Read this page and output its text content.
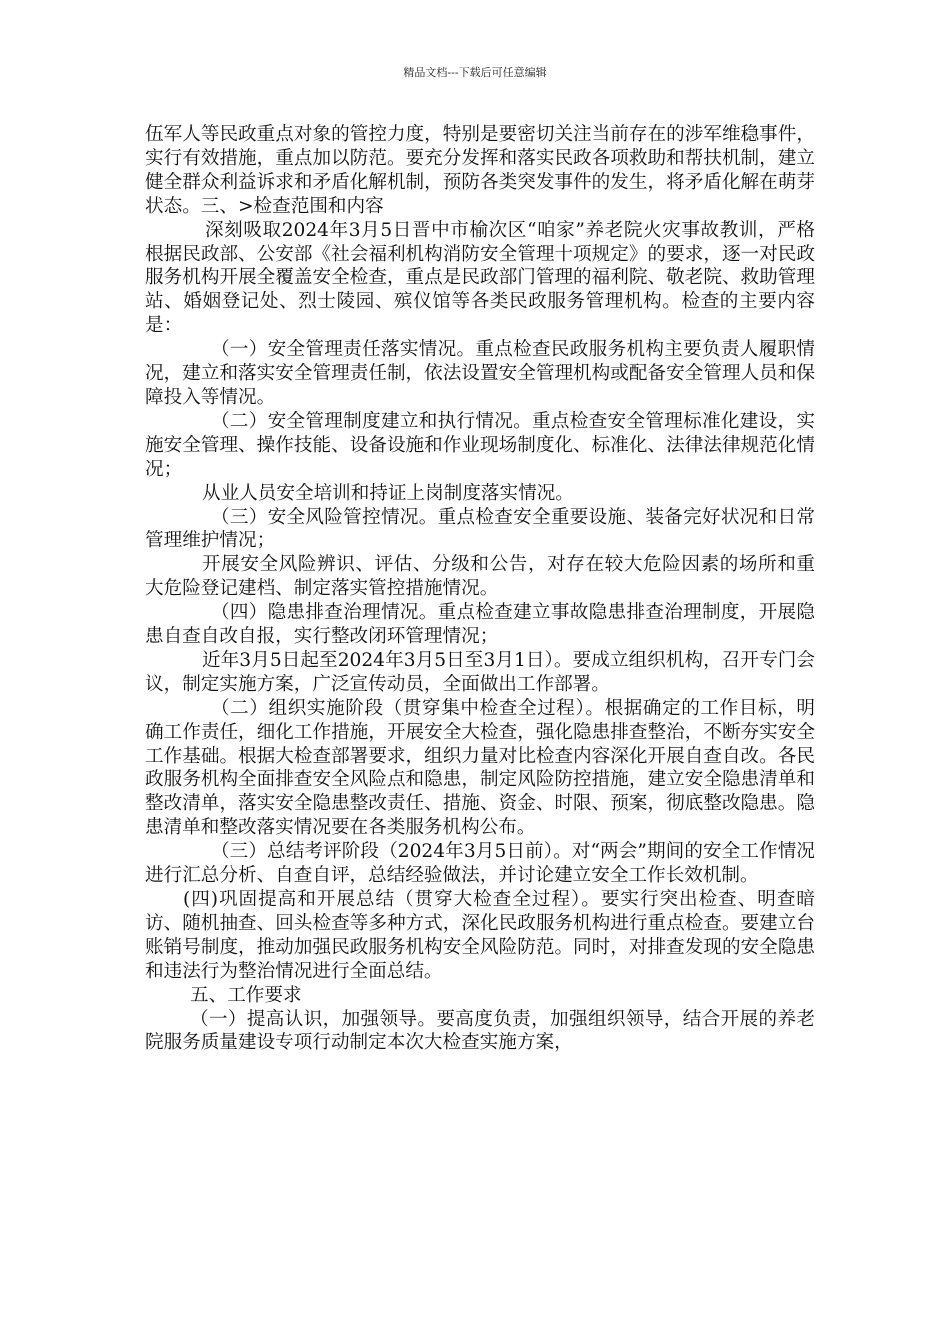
精品文档---下载后可任意编辑

伍军人等民政重点对象的管控力度，特别是要密切关注当前存在的涉军维稳事件，实行有效措施，重点加以防范。要充分发挥和落实民政各项救助和帮扶机制，建立健全群众利益诉求和矛盾化解机制，预防各类突发事件的发生，将矛盾化解在萌芽状态。三、>检查范围和内容

深刻吸取2024年3月5日晋中市榆次区“咱家”养老院火灾事故教训，严格根据民政部、公安部《社会福利机构消防安全管理十项规定》的要求，逐一对民政服务机构开展全覆盖安全检查，重点是民政部门管理的福利院、敬老院、救助管理站、婚姻登记处、烈士陵园、殡仪馆等各类民政服务管理机构。检查的主要内容是：

（一）安全管理责任落实情况。重点检查民政服务机构主要负责人履职情况，建立和落实安全管理责任制，依法设置安全管理机构或配备安全管理人员和保障投入等情况。

（二）安全管理制度建立和执行情况。重点检查安全管理标准化建设，实施安全管理、操作技能、设备设施和作业现场制度化、标准化、法律法律规范化情况；

从业人员安全培训和持证上岗制度落实情况。

（三）安全风险管控情况。重点检查安全重要设施、装备完好状况和日常管理维护情况；

开展安全风险辨识、评估、分级和公告，对存在较大危险因素的场所和重大危险登记建档、制定落实管控措施情况。

（四）隐患排查治理情况。重点检查建立事故隐患排查治理制度，开展隐患自查自改自报，实行整改闭环管理情况；

近年3月5日起至2024年3月5日至3月1日）。要成立组织机构，召开专门会议，制定实施方案，广泛宣传动员，全面做出工作部署。

（二）组织实施阶段（贯穿集中检查全过程）。根据确定的工作目标，明确工作责任，细化工作措施，开展安全大检查，强化隐患排查整治，不断夯实安全工作基础。根据大检查部署要求，组织力量对比检查内容深化开展自查自改。各民政服务机构全面排查安全风险点和隐患，制定风险防控措施，建立安全隐患清单和整改清单，落实安全隐患整改责任、措施、资金、时限、预案，彻底整改隐患。隐患清单和整改落实情况要在各类服务机构公布。

（三）总结考评阶段（2024年3月5日前）。对“两会”期间的安全工作情况进行汇总分析、自查自评，总结经验做法，并讨论建立安全工作长效机制。

(四)巩固提高和开展总结（贯穿大检查全过程）。要实行突出检查、明查暗访、随机抽查、回头检查等多种方式，深化民政服务机构进行重点检查。要建立台账销号制度，推动加强民政服务机构安全风险防范。同时，对排查发现的安全隐患和违法行为整治情况进行全面总结。

五、工作要求

（一）提高认识，加强领导。要高度负责，加强组织领导，结合开展的养老院服务质量建设专项行动制定本次大检查实施方案，
